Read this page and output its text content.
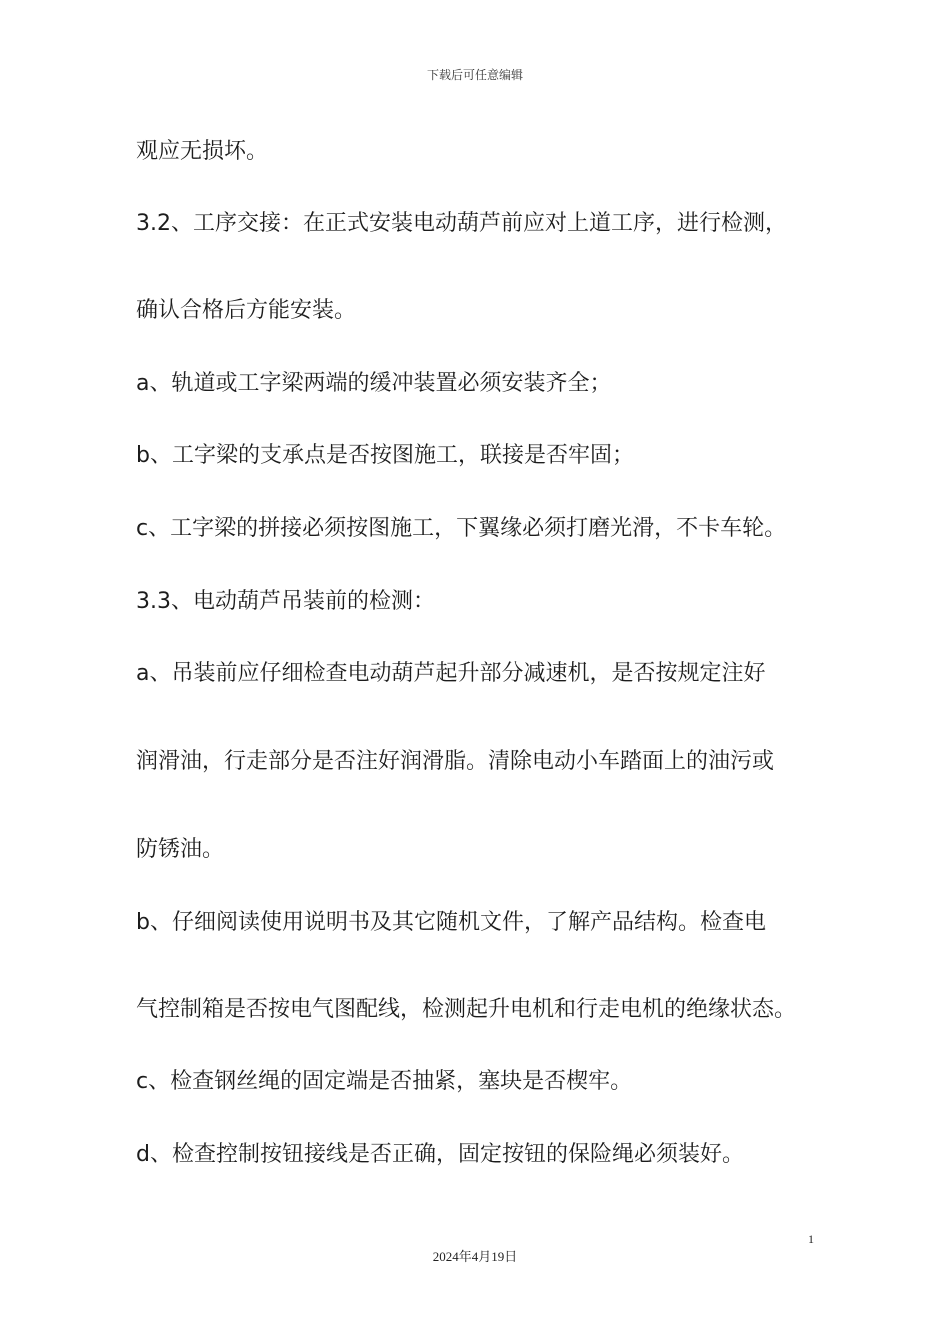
下载后可任意编辑
观应无损坏。
3.2、工序交接：在正式安装电动葫芦前应对上道工序，进行检测，
确认合格后方能安装。
a、轨道或工字梁两端的缓冲装置必须安装齐全；
b、工字梁的支承点是否按图施工，联接是否牢固；
c、工字梁的拼接必须按图施工，下翼缘必须打磨光滑，不卡车轮。
3.3、电动葫芦吊装前的检测：
a、吊装前应仔细检查电动葫芦起升部分减速机，是否按规定注好
润滑油，行走部分是否注好润滑脂。清除电动小车踏面上的油污或
防锈油。
b、仔细阅读使用说明书及其它随机文件，了解产品结构。检查电
气控制箱是否按电气图配线，检测起升电机和行走电机的绝缘状态。
c、检查钢丝绳的固定端是否抽紧，塞块是否楔牢。
d、检查控制按钮接线是否正确，固定按钮的保险绳必须装好。
1
2024年4月19日
